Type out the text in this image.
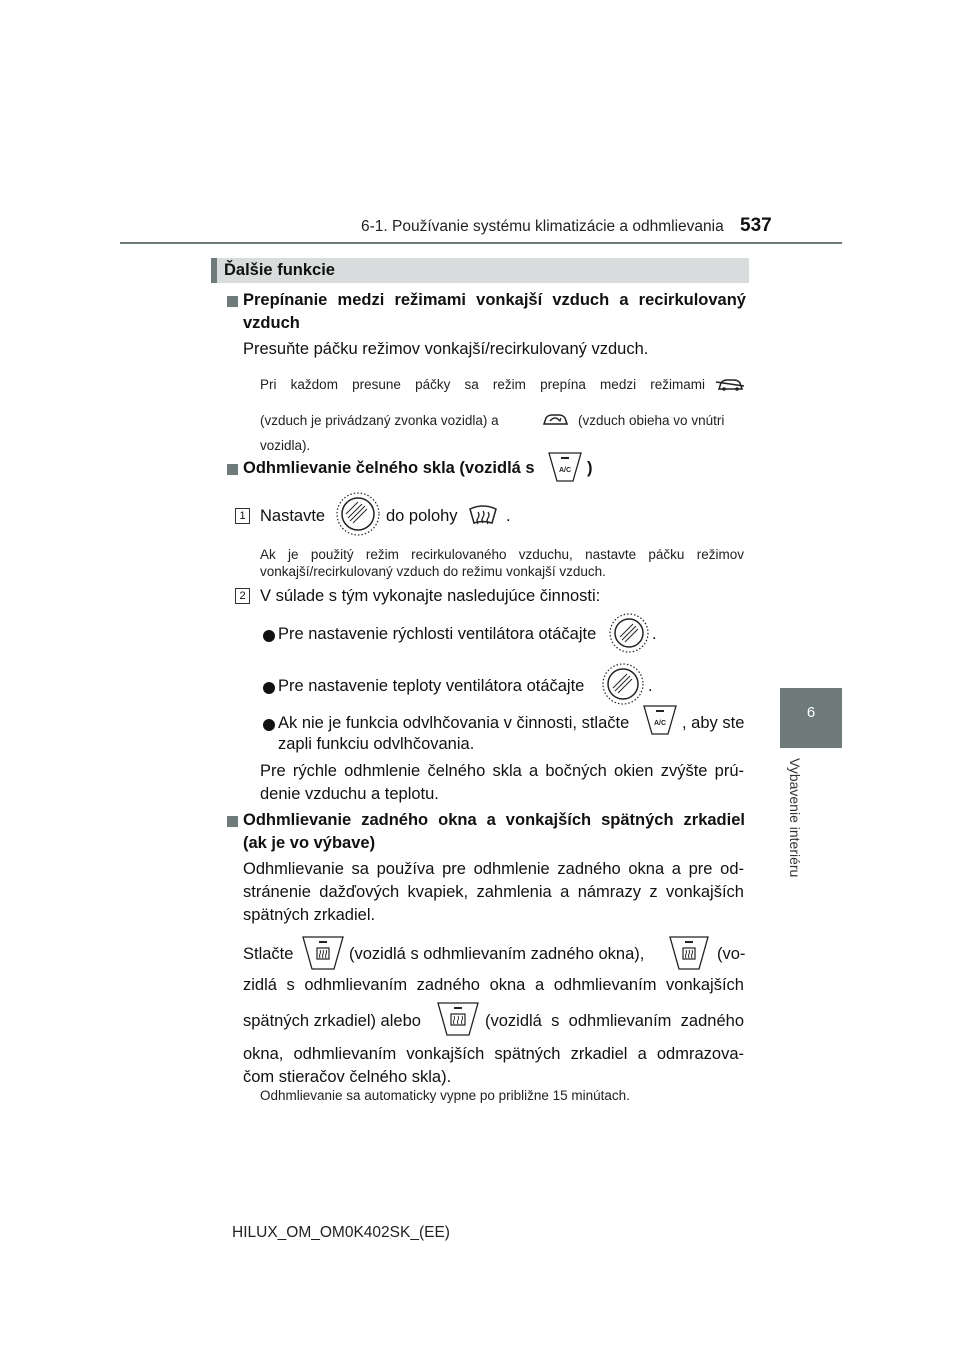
6-1. Používanie systému klimatizácie a odhmlievania 537
6
Vybavenie interiéru
Ďalšie funkcie
Prepínanie medzi režimami vonkajší vzduch a recirkulovaný
vzduch
Presuňte páčku režimov vonkajší/recirkulovaný vzduch.
Pri každom presune páčky sa režim prepína medzi režimami
(vzduch je privádzaný zvonka vozidla) a	(vzduch obieha vo vnútri
vozidla).
Odhmlievanie čelného skla (vozidlá s	A/C )
1 Nastavte	do polohy	.
Ak je použitý režim recirkulovaného vzduchu, nastavte páčku režimov
vonkajší/recirkulovaný vzduch do režimu vonkajší vzduch.
2 V súlade s tým vykonajte nasledujúce činnosti:
Pre nastavenie rýchlosti ventilátora otáčajte	.
Pre nastavenie teploty ventilátora otáčajte	.
Ak nie je funkcia odvlhčovania v činnosti, stlačte	A/C , aby ste
zapli funkciu odvlhčovania.
Pre rýchle odhmlenie čelného skla a bočných okien zvýšte prú-
denie vzduchu a teplotu.
Odhmlievanie zadného okna a vonkajších spätných zrkadiel
(ak je vo výbave)
Odhmlievanie sa používa pre odhmlenie zadného okna a pre od-
stránenie dažďových kvapiek, zahmlenia a námrazy z vonkajších
spätných zrkadiel.
Stlačte	(vozidlá s odhmlievaním zadného okna),	(vo-
zidlá s odhmlievaním zadného okna a odhmlievaním vonkajších
spätných zrkadiel) alebo	(vozidlá s odhmlievaním zadného
okna, odhmlievaním vonkajších spätných zrkadiel a odmrazova-
čom stieračov čelného skla).
Odhmlievanie sa automaticky vypne po približne 15 minútach.
HILUX_OM_OM0K402SK_(EE)
